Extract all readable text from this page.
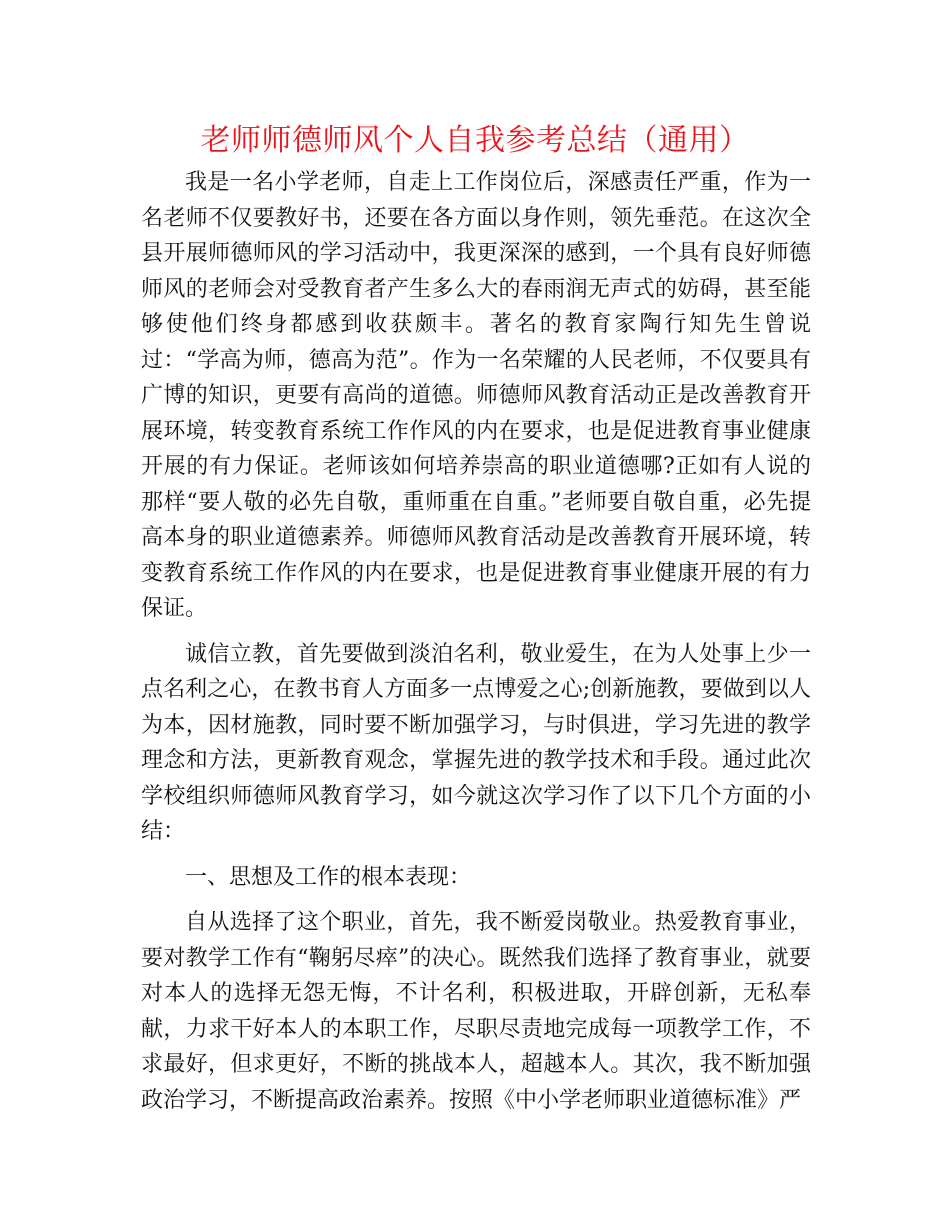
老师师德师风个人自我参考总结（通用）

我是一名小学老师，自走上工作岗位后，深感责任严重，作为一名老师不仅要教好书，还要在各方面以身作则，领先垂范。在这次全县开展师德师风的学习活动中，我更深深的感到，一个具有良好师德师风的老师会对受教育者产生多么大的春雨润无声式的妨碍，甚至能够使他们终身都感到收获颇丰。著名的教育家陶行知先生曾说过：“学高为师，德高为范”。作为一名荣耀的人民老师，不仅要具有广博的知识，更要有高尚的道德。师德师风教育活动正是改善教育开展环境，转变教育系统工作作风的内在要求，也是促进教育事业健康开展的有力保证。老师该如何培养崇高的职业道德哪?正如有人说的那样“要人敬的必先自敬，重师重在自重。”老师要自敬自重，必先提高本身的职业道德素养。师德师风教育活动是改善教育开展环境，转变教育系统工作作风的内在要求，也是促进教育事业健康开展的有力保证。

诚信立教，首先要做到淡泊名利，敬业爱生，在为人处事上少一点名利之心，在教书育人方面多一点博爱之心;创新施教，要做到以人为本，因材施教，同时要不断加强学习，与时俱进，学习先进的教学理念和方法，更新教育观念，掌握先进的教学技术和手段。通过此次学校组织师德师风教育学习，如今就这次学习作了以下几个方面的小结：

一、思想及工作的根本表现：

自从选择了这个职业，首先，我不断爱岗敬业。热爱教育事业，要对教学工作有“鞠躬尽瘁”的决心。既然我们选择了教育事业，就要对本人的选择无怨无悔，不计名利，积极进取，开辟创新，无私奉献，力求干好本人的本职工作，尽职尽责地完成每一项教学工作，不求最好，但求更好，不断的挑战本人，超越本人。其次，我不断加强政治学习，不断提高政治素养。按照《中小学老师职业道德标准》严
